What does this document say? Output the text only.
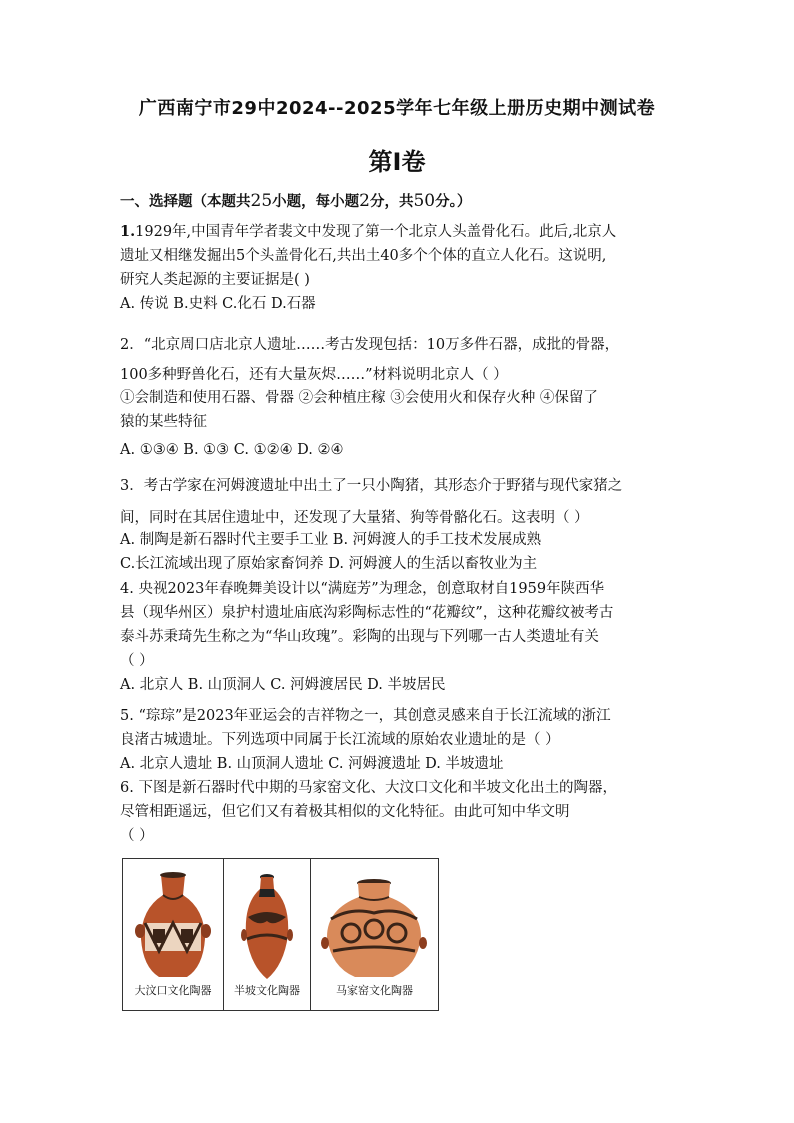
广西南宁市29中2024--2025学年七年级上册历史期中测试卷
第Ⅰ卷
一、选择题（本题共25小题，每小题2分，共50分。）
1.1929年,中国青年学者裴文中发现了第一个北京人头盖骨化石。此后,北京人
遗址又相继发掘出5个头盖骨化石,共出土40多个个体的直立人化石。这说明,
研究人类起源的主要证据是( )
A. 传说 B.史料 C.化石 D.石器
2．“北京周口店北京人遗址……考古发现包括：10万多件石器，成批的骨器，
100多种野兽化石，还有大量灰烬……”材料说明北京人（ ）
①会制造和使用石器、骨器 ②会种植庄稼 ③会使用火和保存火种 ④保留了
猿的某些特征
A. ①③④ B. ①③ C. ①②④ D. ②④
3．考古学家在河姆渡遗址中出土了一只小陶猪，其形态介于野猪与现代家猪之
间，同时在其居住遗址中，还发现了大量猪、狗等骨骼化石。这表明（ ）
A. 制陶是新石器时代主要手工业 B. 河姆渡人的手工技术发展成熟
C.长江流域出现了原始家畜饲养 D. 河姆渡人的生活以畜牧业为主
4. 央视2023年春晚舞美设计以“满庭芳”为理念，创意取材自1959年陕西华
县（现华州区）泉护村遗址庙底沟彩陶标志性的“花瓣纹”，这种花瓣纹被考古
泰斗苏秉琦先生称之为“华山玫瑰”。彩陶的出现与下列哪一古人类遗址有关
（ ）
A. 北京人 B. 山顶洞人 C. 河姆渡居民 D. 半坡居民
5. “琮琮”是2023年亚运会的吉祥物之一，其创意灵感来自于长江流域的浙江
良渚古城遗址。下列选项中同属于长江流域的原始农业遗址的是（ ）
A. 北京人遗址 B. 山顶洞人遗址 C. 河姆渡遗址 D. 半坡遗址
6. 下图是新石器时代中期的马家窑文化、大汶口文化和半坡文化出土的陶器，
尽管相距遥远，但它们又有着极其相似的文化特征。由此可知中华文明
（ ）
大汶口文化陶器	半坡文化陶器	马家窑文化陶器
